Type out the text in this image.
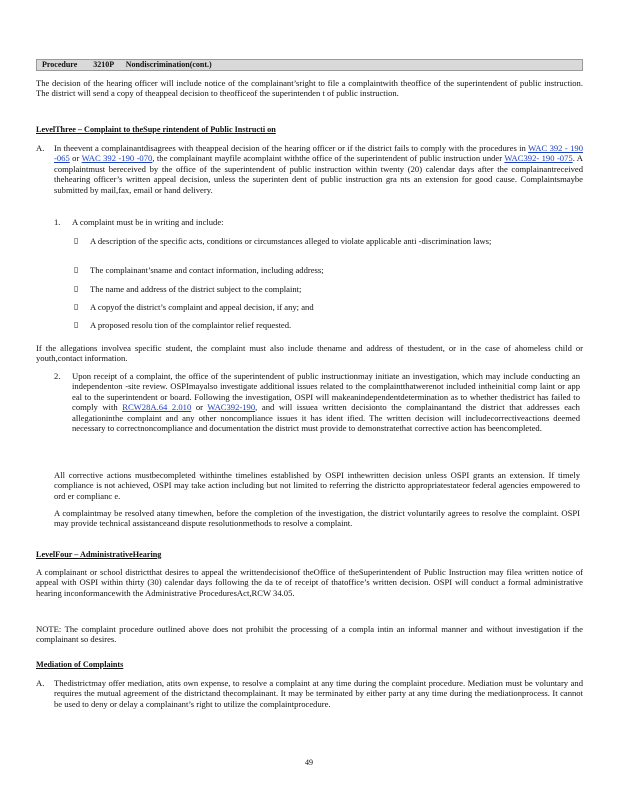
Procedure        3210P      Nondiscrimination(cont.)
The decision of the hearing officer will include notice of the complainant’sright to file a complaintwith theoffice of the superintendent of public instruction. The district will send a copy of theappeal decision to theofficeof the superintenden t of public instruction.
LevelThree – Complaint to theSupe rintendent of Public Instructi on
A. In theevent a complainantdisagrees with theappeal decision of the hearing officer or if the district fails to comply with the procedures in WAC 392 - 190 -065 or WAC 392 -190 -070, the complainant mayfile acomplaint withthe office of the superintendent of public instruction under WAC392- 190 -075. A complaintmust bereceived by the office of the superintendent of public instruction within twenty (20) calendar days after the complainantreceived thehearing officer’s written appeal decision, unless the superinten dent of public instruction gra nts an extension for good cause. Complaintsmaybe submitted by mail,fax, email or hand delivery.
1. A complaint must be in writing and include:
▯ A description of the specific acts, conditions or circumstances alleged to violate applicable anti -discrimination laws;
▯ The complainant’sname and contact information, including address;
▯ The name and address of the district subject to the complaint;
▯ A copyof the district’s complaint and appeal decision, if any; and
▯ A proposed resolu tion of the complaintor relief requested.
If the allegations involvea specific student, the complaint must also include thename and address of thestudent, or in the case of ahomeless child or youth,contact information.
2. Upon receipt of a complaint, the office of the superintendent of public instructionmay initiate an investigation, which may include conducting an independenton -site review. OSPImayalso investigate additional issues related to the complaintthatwerenot included intheinitial comp laint or app eal to the superintendent or board. Following the investigation, OSPI will makeanindependentdetermination as to whether thedistrict has failed to comply with RCW28A.64 2.010 or WAC392-190, and will issuea written decisionto the complainantand the district that addresses each allegationinthe complaint and any other noncompliance issues it has ident ified. The written decision will includecorrectiveactions deemed necessary to correctnoncompliance and documentation the district must provide to demonstratethat corrective action has beencompleted.
All corrective actions mustbecompleted withinthe timelines established by OSPI inthewritten decision unless OSPI grants an extension. If timely compliance is not achieved, OSPI may take action including but not limited to referring the districtto appropriatestateor federal agencies empowered to ord er complianc e.
A complaintmay be resolved atany timewhen, before the completion of the investigation, the district voluntarily agrees to resolve the complaint. OSPI may provide technical assistanceand dispute resolutionmethods to resolve a complaint.
LevelFour – AdministrativeHearing
A complainant or school districtthat desires to appeal the writtendecisionof theOffice of theSuperintendent of Public Instruction may filea written notice of appeal with OSPI within thirty (30) calendar days following the da te of receipt of thatoffice’s written decision. OSPI will conduct a formal administrative hearing inconformancewith the Administrative ProceduresAct,RCW 34.05.
NOTE: The complaint procedure outlined above does not prohibit the processing of a compla intin an informal manner and without investigation if the complainant so desires.
Mediation of Complaints
A. Thedistrictmay offer mediation, atits own expense, to resolve a complaint at any time during the complaint procedure. Mediation must be voluntary and requires the mutual agreement of the districtand thecomplainant. It may be terminated by either party at any time during the mediationprocess. It cannot be used to deny or delay a complainant’s right to utilize the complaintprocedure.
49
